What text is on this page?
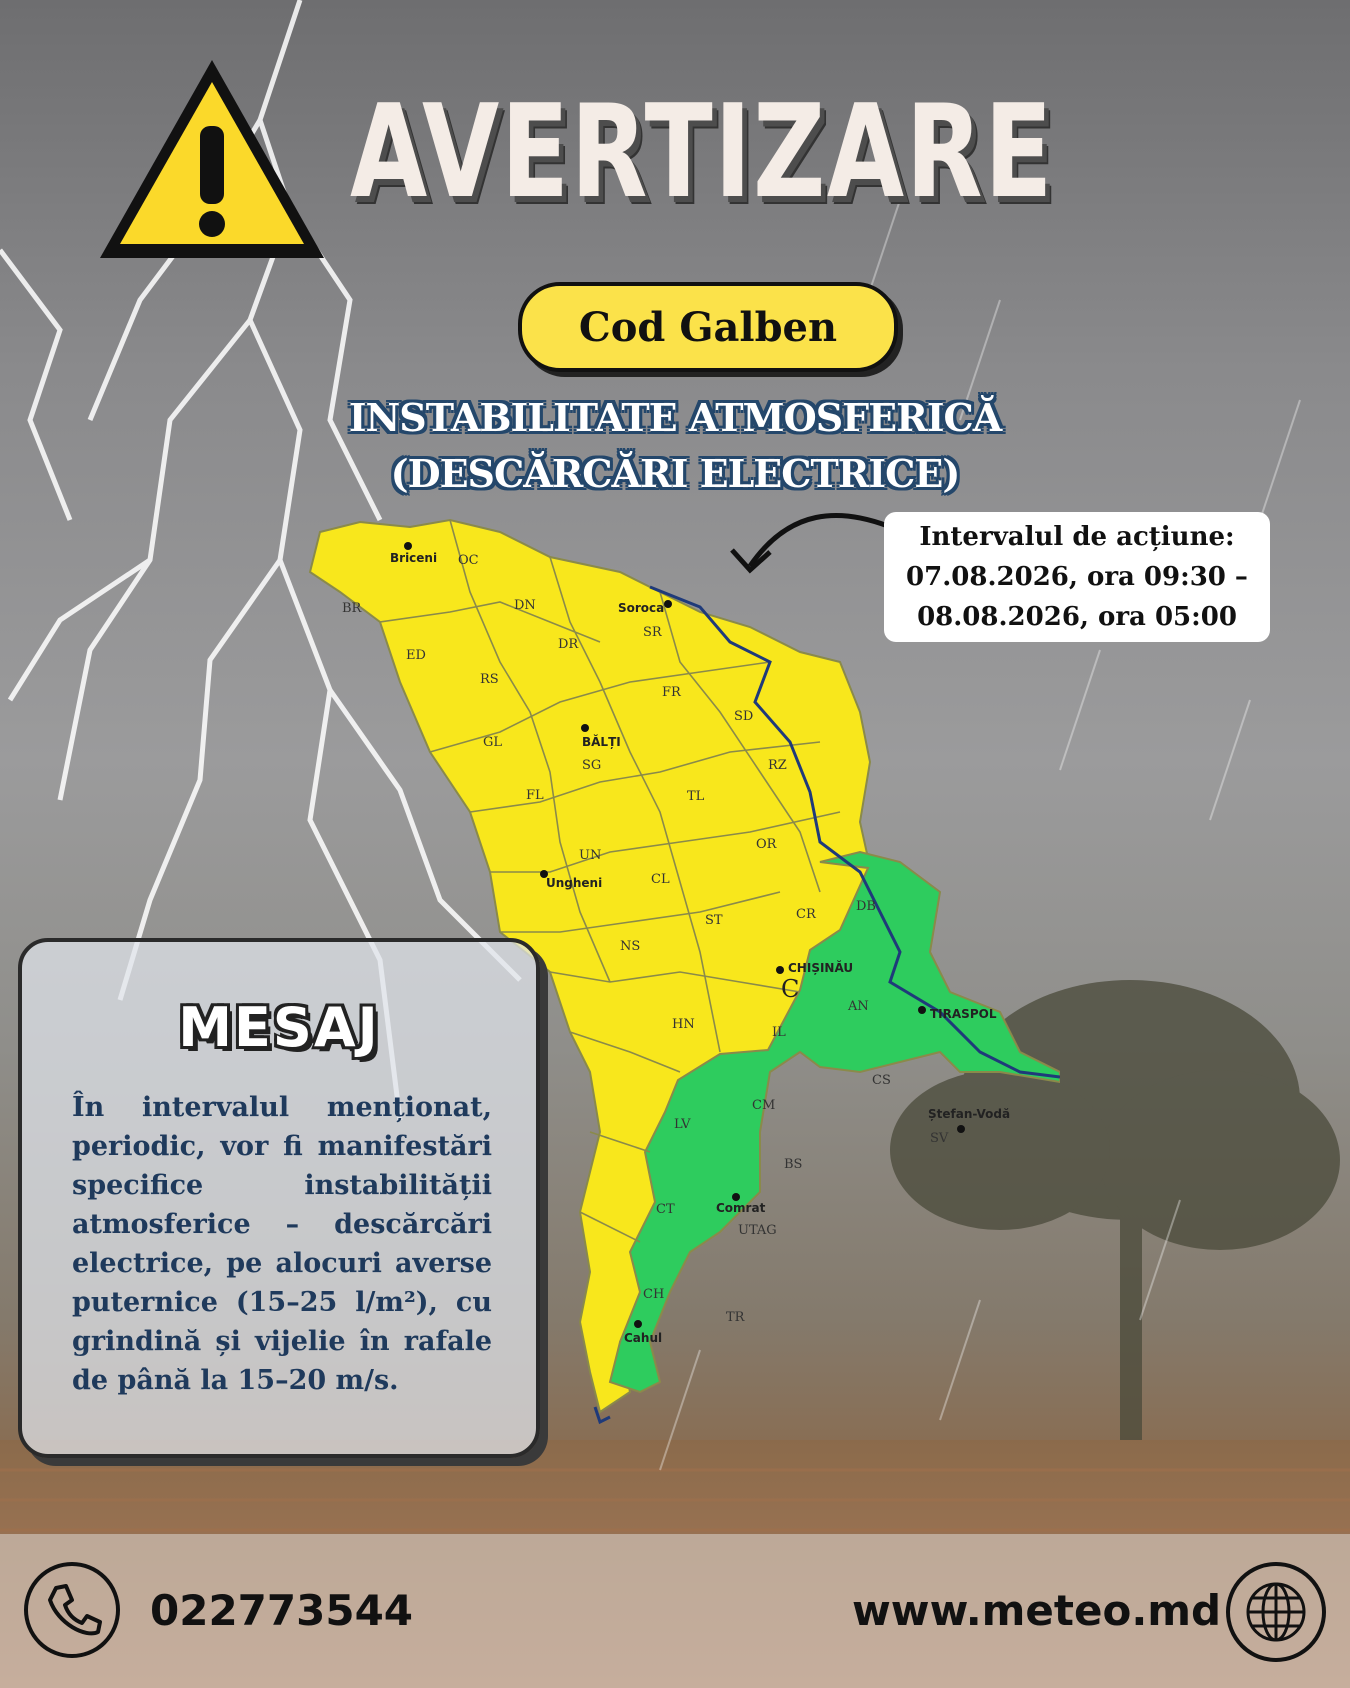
AVERTIZARE
Cod Galben
INSTABILITATE ATMOSFERICĂ
(DESCĂRCĂRI ELECTRICE)
Intervalul de acțiune:
07.08.2026, ora 09:30 –
08.08.2026, ora 05:00
OC
BR	DN
ED
SR
DR
RS
FR
SD
GL
SG	RZ
FL	TL
OR
UN
CL
CR
DB
ST
NS
AN
HN
IL
CS
CM
SV
LV
BS
CT
UTAG
CH
TR
C
Briceni
Soroca
BĂLȚI
Ungheni
CHIȘINĂU
TIRASPOL
Ștefan-Vodă
Comrat
Cahul
MESAJ
În intervalul menționat, periodic, vor fi manifestări specifice instabilității atmosferice – descărcări electrice, pe alocuri averse puternice (15–25 l/m²), cu grindină și vijelie în rafale de până la 15–20 m/s.
022773544	www.meteo.md
